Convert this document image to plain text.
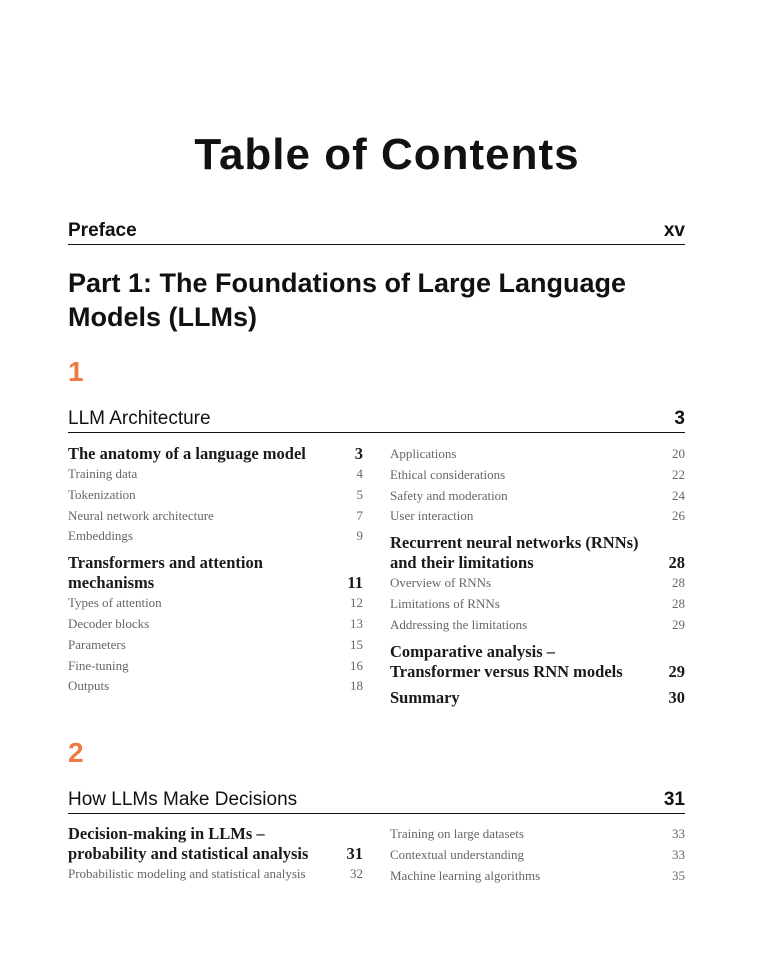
Table of Contents
Preface	xv
Part 1: The Foundations of Large Language Models (LLMs)
1
LLM Architecture	3
The anatomy of a language model	3
Training data	4
Tokenization	5
Neural network architecture	7
Embeddings	9
Transformers and attention mechanisms	11
Types of attention	12
Decoder blocks	13
Parameters	15
Fine-tuning	16
Outputs	18
Applications	20
Ethical considerations	22
Safety and moderation	24
User interaction	26
Recurrent neural networks (RNNs) and their limitations	28
Overview of RNNs	28
Limitations of RNNs	28
Addressing the limitations	29
Comparative analysis – Transformer versus RNN models	29
Summary	30
2
How LLMs Make Decisions	31
Decision-making in LLMs – probability and statistical analysis	31
Probabilistic modeling and statistical analysis	32
Training on large datasets	33
Contextual understanding	33
Machine learning algorithms	35
